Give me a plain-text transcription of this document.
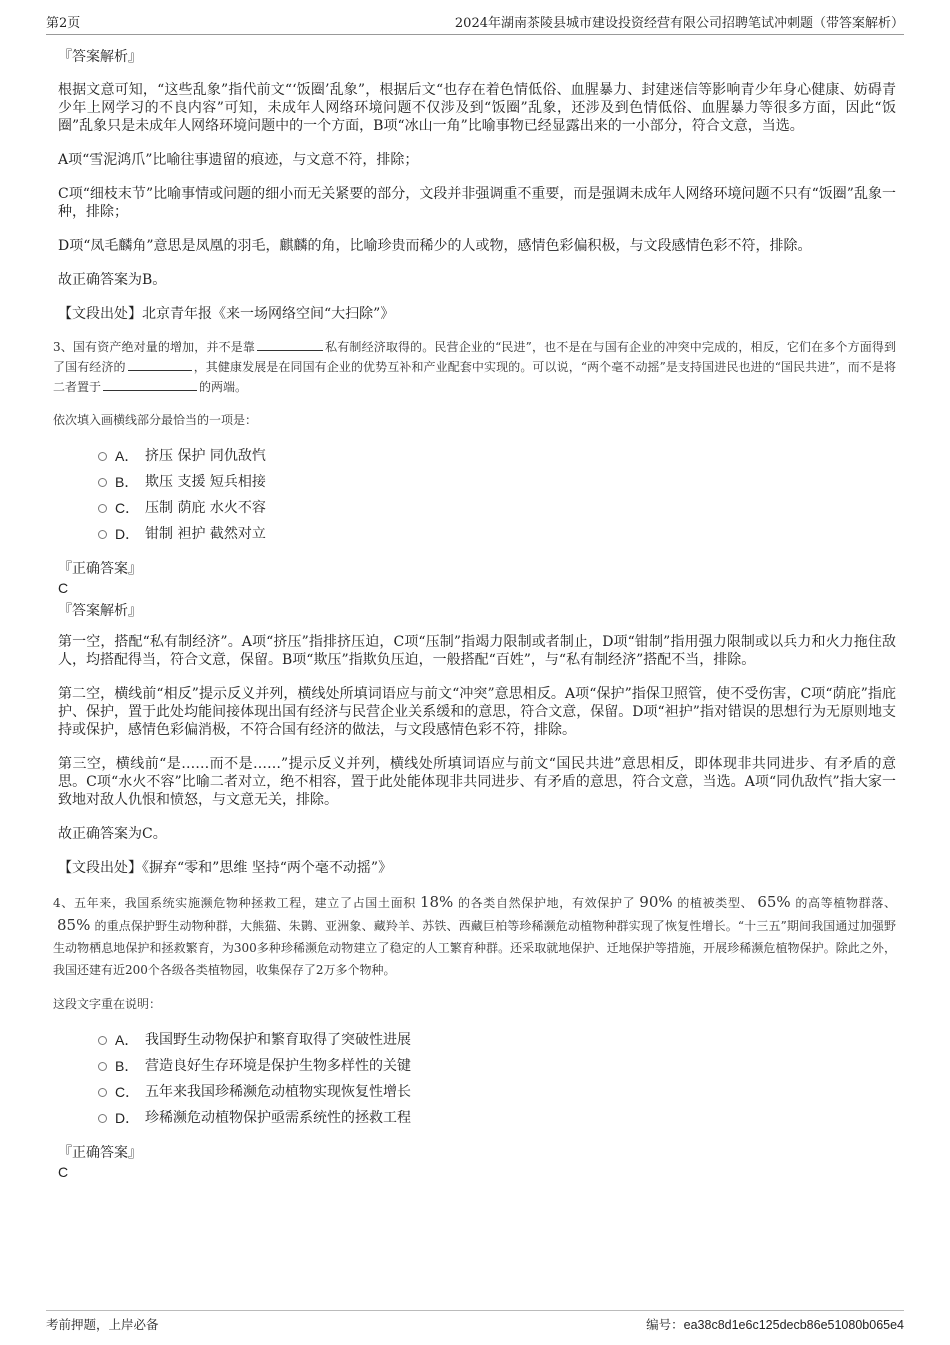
第2页	2024年湖南茶陵县城市建设投资经营有限公司招聘笔试冲刺题（带答案解析）

『答案解析』

根据文意可知，“这些乱象”指代前文“‘饭圈’乱象”，根据后文“也存在着色情低俗、血腥暴力、封建迷信等影响青少年身心健康、妨碍青少年上网学习的不良内容”可知，未成年人网络环境问题不仅涉及到“饭圈”乱象，还涉及到色情低俗、血腥暴力等很多方面，因此“饭圈”乱象只是未成年人网络环境问题中的一个方面，B项“冰山一角”比喻事物已经显露出来的一小部分，符合文意，当选。

A项“雪泥鸿爪”比喻往事遗留的痕迹，与文意不符，排除；

C项“细枝末节”比喻事情或问题的细小而无关紧要的部分，文段并非强调重不重要，而是强调未成年人网络环境问题不只有“饭圈”乱象一种，排除；

D项“凤毛麟角”意思是凤凰的羽毛，麒麟的角，比喻珍贵而稀少的人或物，感情色彩偏积极，与文段感情色彩不符，排除。

故正确答案为B。

【文段出处】北京青年报《来一场网络空间“大扫除”》

3、国有资产绝对量的增加，并不是靠	私有制经济取得的。民营企业的“民进”，也不是在与国有企业的冲突中完成的，相反，它们在多个方面得到了国有经济的	，其健康发展是在同国有企业的优势互补和产业配套中实现的。可以说，“两个毫不动摇”是支持国进民也进的“国民共进”，而不是将二者置于	的两端。

依次填入画横线部分最恰当的一项是：

A． 挤压 保护 同仇敌忾
B． 欺压 支援 短兵相接
C． 压制 荫庇 水火不容
D． 钳制 袒护 截然对立

『正确答案』

C

『答案解析』

第一空，搭配“私有制经济”。A项“挤压”指排挤压迫，C项“压制”指竭力限制或者制止，D项“钳制”指用强力限制或以兵力和火力拖住敌人，均搭配得当，符合文意，保留。B项“欺压”指欺负压迫，一般搭配“百姓”，与“私有制经济”搭配不当，排除。

第二空，横线前“相反”提示反义并列，横线处所填词语应与前文“冲突”意思相反。A项“保护”指保卫照管，使不受伤害，C项“荫庇”指庇护、保护，置于此处均能间接体现出国有经济与民营企业关系缓和的意思，符合文意，保留。D项“袒护”指对错误的思想行为无原则地支持或保护，感情色彩偏消极，不符合国有经济的做法，与文段感情色彩不符，排除。

第三空，横线前“是……而不是……”提示反义并列，横线处所填词语应与前文“国民共进”意思相反，即体现非共同进步、有矛盾的意思。C项“水火不容”比喻二者对立，绝不相容，置于此处能体现非共同进步、有矛盾的意思，符合文意，当选。A项“同仇敌忾”指大家一致地对敌人仇恨和愤怒，与文意无关，排除。

故正确答案为C。

【文段出处】《摒弃“零和”思维 坚持“两个毫不动摇”》

4、五年来，我国系统实施濒危物种拯救工程，建立了占国土面积 18% 的各类自然保护地，有效保护了 90% 的植被类型、 65% 的高等植物群落、85% 的重点保护野生动物种群，大熊猫、朱鹮、亚洲象、藏羚羊、苏铁、西藏巨柏等珍稀濒危动植物种群实现了恢复性增长。“十三五”期间我国通过加强野生动物栖息地保护和拯救繁育，为300多种珍稀濒危动物建立了稳定的人工繁育种群。还采取就地保护、迁地保护等措施，开展珍稀濒危植物保护。除此之外，我国还建有近200个各级各类植物园，收集保存了2万多个物种。

这段文字重在说明：

A． 我国野生动物保护和繁育取得了突破性进展
B． 营造良好生存环境是保护生物多样性的关键
C． 五年来我国珍稀濒危动植物实现恢复性增长
D． 珍稀濒危动植物保护亟需系统性的拯救工程

『正确答案』

C

考前押题，上岸必备	编号：ea38c8d1e6c125decb86e51080b065e4
